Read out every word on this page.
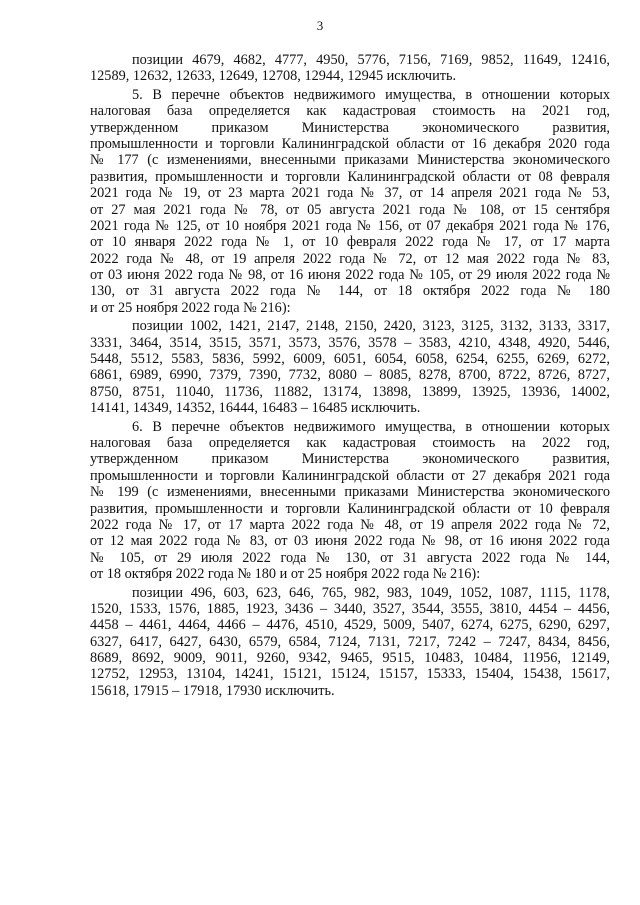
3
позиции 4679, 4682, 4777, 4950, 5776, 7156, 7169, 9852, 11649, 12416,
12589, 12632, 12633, 12649, 12708, 12944, 12945 исключить.
5. В перечне объектов недвижимого имущества, в отношении которых
налоговая база определяется как кадастровая стоимость на 2021 год,
утвержденном приказом Министерства экономического развития,
промышленности и торговли Калининградской области от 16 декабря 2020 года
№ 177 (с изменениями, внесенными приказами Министерства экономического
развития, промышленности и торговли Калининградской области от 08 февраля
2021 года № 19, от 23 марта 2021 года № 37, от 14 апреля 2021 года № 53,
от 27 мая 2021 года № 78, от 05 августа 2021 года № 108, от 15 сентября
2021 года № 125, от 10 ноября 2021 года № 156, от 07 декабря 2021 года № 176,
от 10 января 2022 года № 1, от 10 февраля 2022 года № 17, от 17 марта
2022 года № 48, от 19 апреля 2022 года № 72, от 12 мая 2022 года № 83,
от 03 июня 2022 года № 98, от 16 июня 2022 года № 105, от 29 июля 2022 года №
130, от 31 августа 2022 года № 144, от 18 октября 2022 года № 180
и от 25 ноября 2022 года № 216):
позиции 1002, 1421, 2147, 2148, 2150, 2420, 3123, 3125, 3132, 3133, 3317,
3331, 3464, 3514, 3515, 3571, 3573, 3576, 3578 – 3583, 4210, 4348, 4920, 5446,
5448, 5512, 5583, 5836, 5992, 6009, 6051, 6054, 6058, 6254, 6255, 6269, 6272,
6861, 6989, 6990, 7379, 7390, 7732, 8080 – 8085, 8278, 8700, 8722, 8726, 8727,
8750, 8751, 11040, 11736, 11882, 13174, 13898, 13899, 13925, 13936, 14002,
14141, 14349, 14352, 16444, 16483 – 16485 исключить.
6. В перечне объектов недвижимого имущества, в отношении которых
налоговая база определяется как кадастровая стоимость на 2022 год,
утвержденном приказом Министерства экономического развития,
промышленности и торговли Калининградской области от 27 декабря 2021 года
№ 199 (с изменениями, внесенными приказами Министерства экономического
развития, промышленности и торговли Калининградской области от 10 февраля
2022 года № 17, от 17 марта 2022 года № 48, от 19 апреля 2022 года № 72,
от 12 мая 2022 года № 83, от 03 июня 2022 года № 98, от 16 июня 2022 года
№ 105, от 29 июля 2022 года № 130, от 31 августа 2022 года № 144,
от 18 октября 2022 года № 180 и от 25 ноября 2022 года № 216):
позиции 496, 603, 623, 646, 765, 982, 983, 1049, 1052, 1087, 1115, 1178,
1520, 1533, 1576, 1885, 1923, 3436 – 3440, 3527, 3544, 3555, 3810, 4454 – 4456,
4458 – 4461, 4464, 4466 – 4476, 4510, 4529, 5009, 5407, 6274, 6275, 6290, 6297,
6327, 6417, 6427, 6430, 6579, 6584, 7124, 7131, 7217, 7242 – 7247, 8434, 8456,
8689, 8692, 9009, 9011, 9260, 9342, 9465, 9515, 10483, 10484, 11956, 12149,
12752, 12953, 13104, 14241, 15121, 15124, 15157, 15333, 15404, 15438, 15617,
15618, 17915 – 17918, 17930 исключить.
